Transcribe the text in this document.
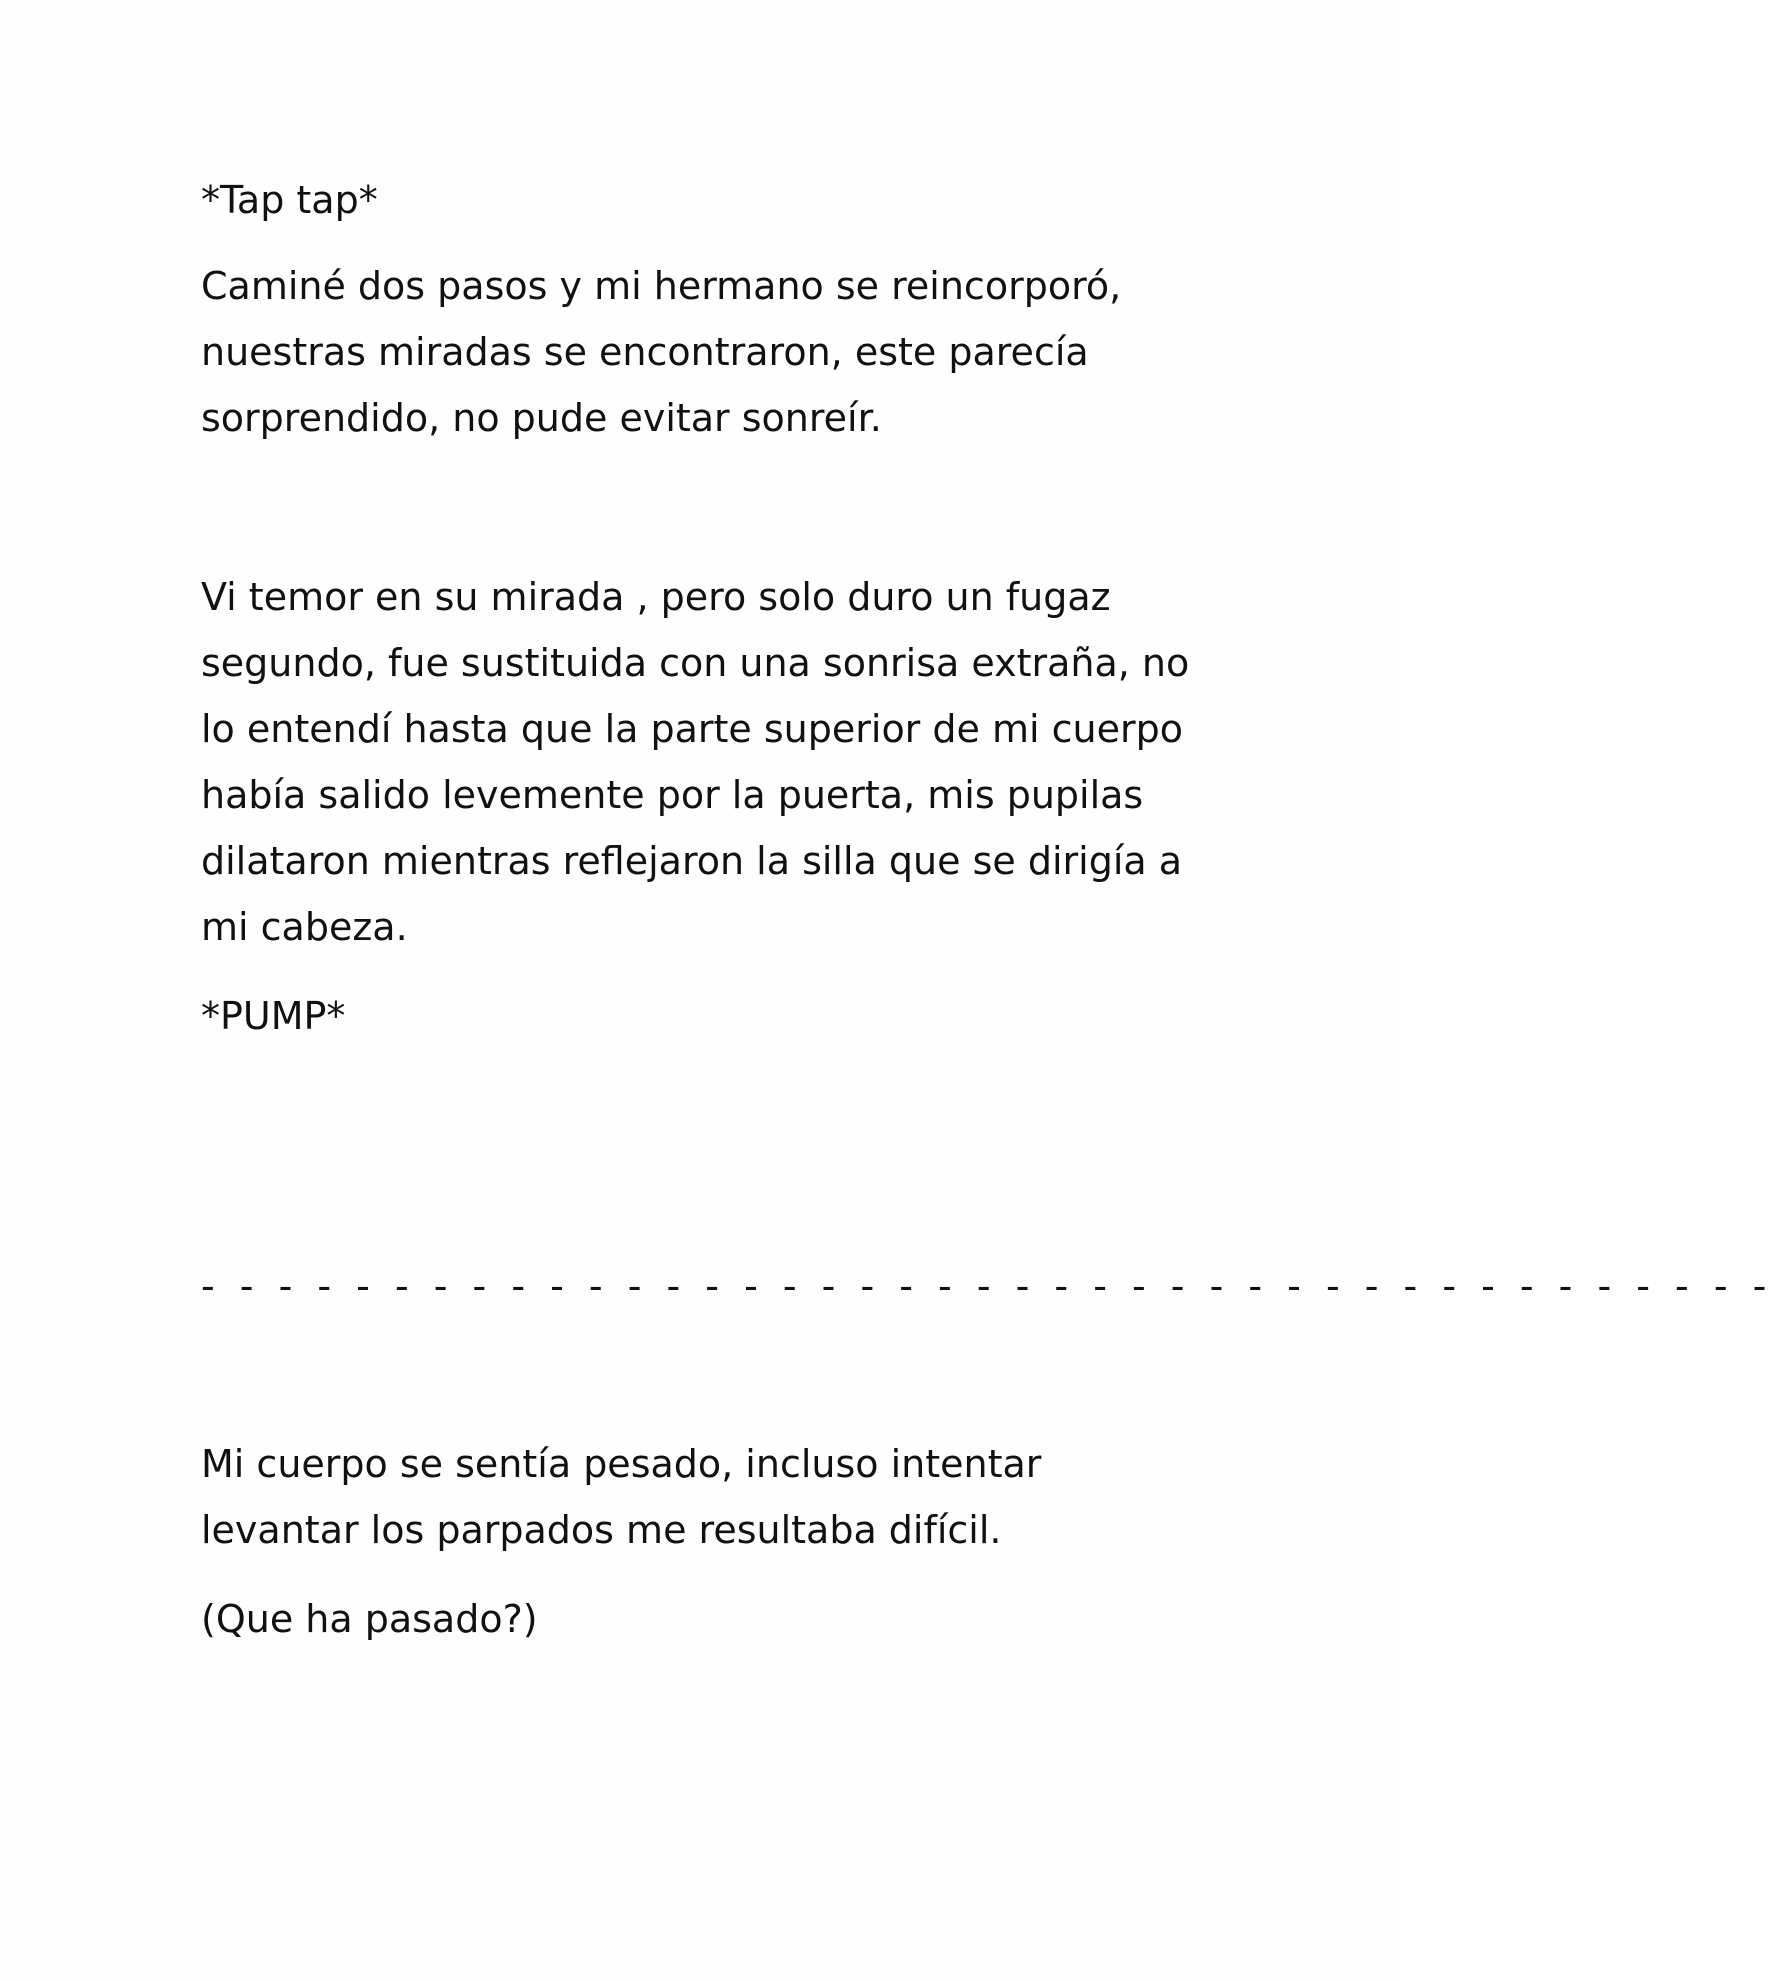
*Tap tap*

Caminé dos pasos y mi hermano se reincorporó,
nuestras miradas se encontraron, este parecía
sorprendido, no pude evitar sonreír.

Vi temor en su mirada , pero solo duro un fugaz
segundo, fue sustituida con una sonrisa extraña, no
lo entendí hasta que la parte superior de mi cuerpo
había salido levemente por la puerta, mis pupilas
dilataron mientras reflejaron la silla que se dirigía a
mi cabeza.

*PUMP*

- - - - - - - - - - - - - - - - - - - - - - - - - - - - - - - - - - - - - - - - -

Mi cuerpo se sentía pesado, incluso intentar
levantar los parpados me resultaba difícil.

(Que ha pasado?)
